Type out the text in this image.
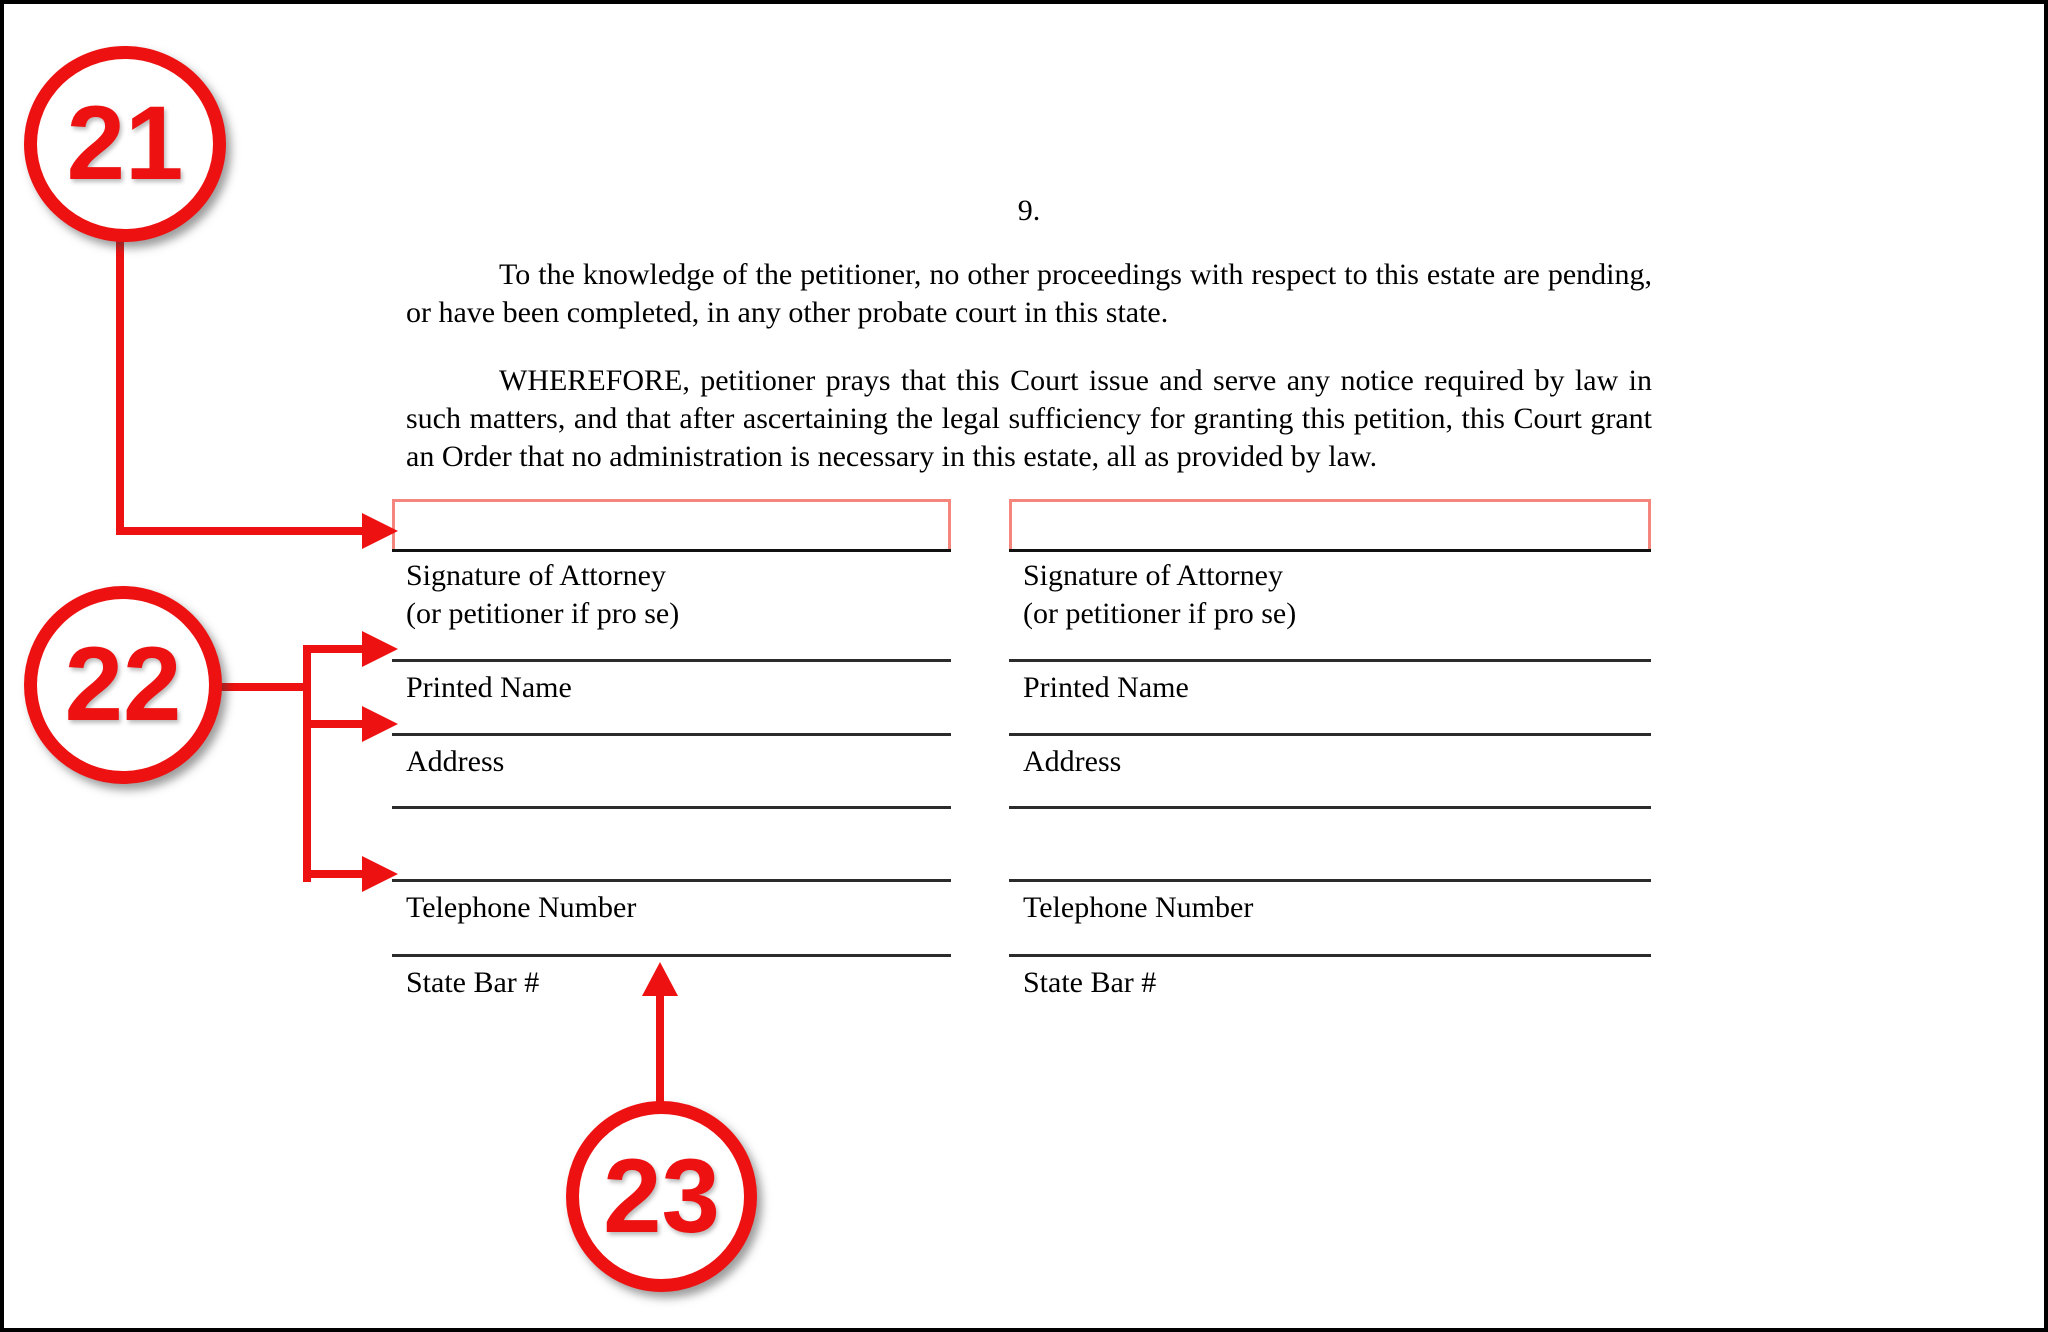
9.
To the knowledge of the petitioner, no other proceedings with respect to this estate are pending, or have been completed, in any other probate court in this state.
WHEREFORE, petitioner prays that this Court issue and serve any notice required by law in such matters, and that after ascertaining the legal sufficiency for granting this petition, this Court grant an Order that no administration is necessary in this estate, all as provided by law.
Signature of Attorney
(or petitioner if pro se)
Printed Name
Address
Telephone Number
State Bar #
Signature of Attorney
(or petitioner if pro se)
Printed Name
Address
Telephone Number
State Bar #
21
22
23
